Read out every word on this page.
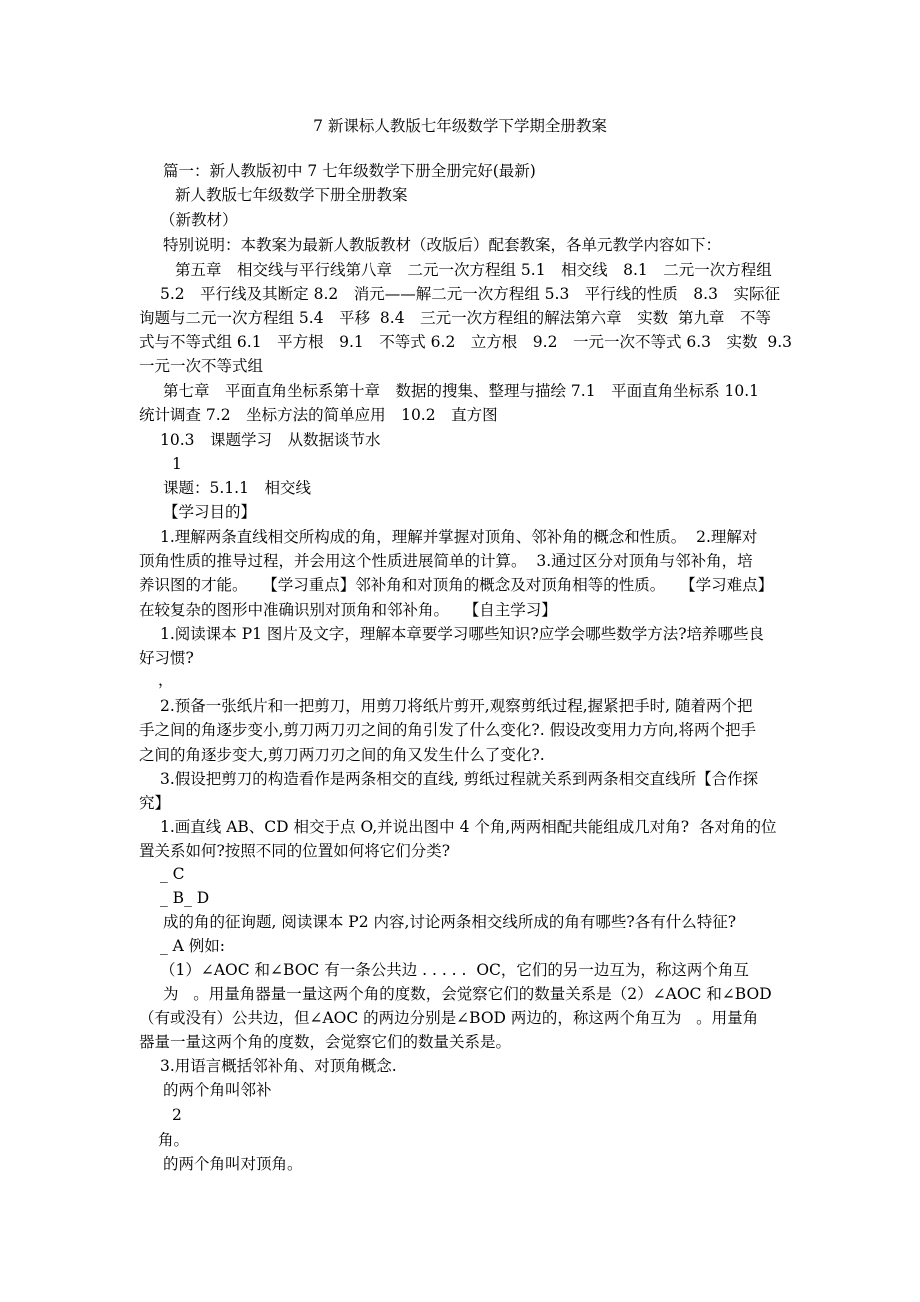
7 新课标人教版七年级数学下学期全册教案
篇一：新人教版初中 7 七年级数学下册全册完好(最新)
新人教版七年级数学下册全册教案
（新教材）
特别说明：本教案为最新人教版教材（改版后）配套教案，各单元教学内容如下：
第五章　相交线与平行线第八章　二元一次方程组 5.1　相交线　8.1　二元一次方程组
5.2　平行线及其断定 8.2　消元——解二元一次方程组 5.3　平行线的性质　8.3　实际征
询题与二元一次方程组 5.4　平移  8.4　三元一次方程组的解法第六章　实数  第九章　不等
式与不等式组 6.1　平方根　9.1　不等式 6.2　立方根　9.2　一元一次不等式 6.3　实数  9.3
一元一次不等式组
第七章　平面直角坐标系第十章　数据的搜集、整理与描绘 7.1　平面直角坐标系 10.1
统计调查 7.2　坐标方法的简单应用　10.2　直方图
10.3　课题学习　从数据谈节水
1
课题：5.1.1　相交线
【学习目的】
1.理解两条直线相交所构成的角，理解并掌握对顶角、邻补角的概念和性质。  2.理解对
顶角性质的推导过程，并会用这个性质进展简单的计算。  3.通过区分对顶角与邻补角，培
养识图的才能。   【学习重点】邻补角和对顶角的概念及对顶角相等的性质。   【学习难点】
在较复杂的图形中准确识别对顶角和邻补角。   【自主学习】
1.阅读课本 P1 图片及文字，理解本章要学习哪些知识?应学会哪些数学方法?培养哪些良
好习惯?
，
2.预备一张纸片和一把剪刀，用剪刀将纸片剪开,观察剪纸过程,握紧把手时, 随着两个把
手之间的角逐步变小,剪刀两刀刃之间的角引发了什么变化?. 假设改变用力方向,将两个把手
之间的角逐步变大,剪刀两刀刃之间的角又发生什么了变化?.
3.假设把剪刀的构造看作是两条相交的直线, 剪纸过程就关系到两条相交直线所【合作探
究】
1.画直线 AB、CD 相交于点 O,并说出图中 4 个角,两两相配共能组成几对角?  各对角的位
置关系如何?按照不同的位置如何将它们分类?
_ C
_ B_ D
成的角的征询题, 阅读课本 P2 内容,讨论两条相交线所成的角有哪些?各有什么特征?
_ A 例如:
（1）∠AOC 和∠BOC 有一条公共边 . . . . .  OC，它们的另一边互为，称这两个角互
为   。用量角器量一量这两个角的度数，会觉察它们的数量关系是（2）∠AOC 和∠BOD
（有或没有）公共边，但∠AOC 的两边分别是∠BOD 两边的，称这两个角互为   。用量角
器量一量这两个角的度数，会觉察它们的数量关系是。
3.用语言概括邻补角、对顶角概念.
的两个角叫邻补
2
角。
的两个角叫对顶角。
